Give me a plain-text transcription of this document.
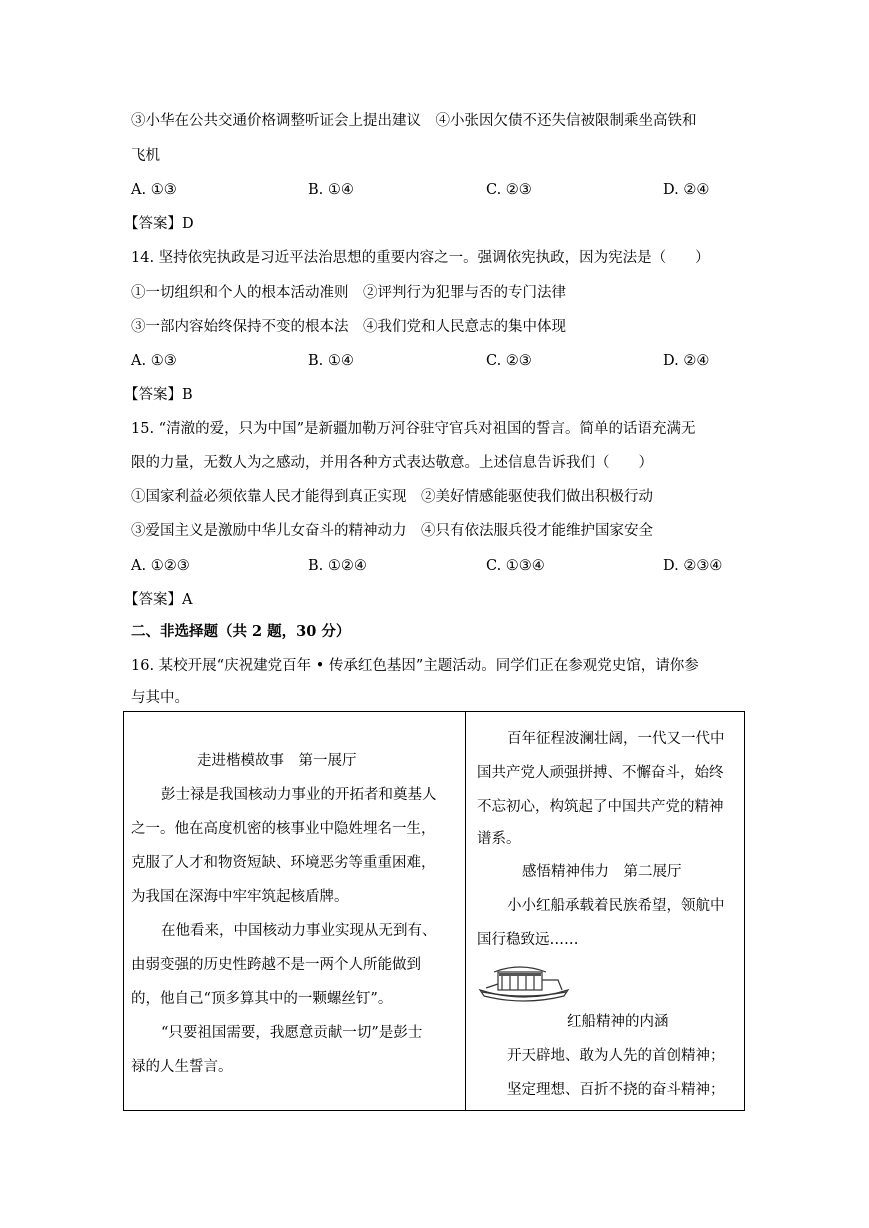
③小华在公共交通价格调整听证会上提出建议　④小张因欠债不还失信被限制乘坐高铁和
飞机
A. ①③	B. ①④	C. ②③	D. ②④
【答案】D
14. 坚持依宪执政是习近平法治思想的重要内容之一。强调依宪执政，因为宪法是（　　）
①一切组织和个人的根本活动准则　②评判行为犯罪与否的专门法律
③一部内容始终保持不变的根本法　④我们党和人民意志的集中体现
A. ①③	B. ①④	C. ②③	D. ②④
【答案】B
15. “清澈的爱，只为中国”是新疆加勒万河谷驻守官兵对祖国的誓言。简单的话语充满无
限的力量，无数人为之感动，并用各种方式表达敬意。上述信息告诉我们（　　）
①国家利益必须依靠人民才能得到真正实现　②美好情感能驱使我们做出积极行动
③爱国主义是激励中华儿女奋斗的精神动力　④只有依法服兵役才能维护国家安全
A. ①②③	B. ①②④	C. ①③④	D. ②③④
【答案】A
二、非选择题（共 2 题，30 分）
16. 某校开展“庆祝建党百年 • 传承红色基因”主题活动。同学们正在参观党史馆，请你参
与其中。
走进楷模故事　第一展厅
彭士禄是我国核动力事业的开拓者和奠基人
之一。他在高度机密的核事业中隐姓埋名一生，
克服了人才和物资短缺、环境恶劣等重重困难，
为我国在深海中牢牢筑起核盾牌。
在他看来，中国核动力事业实现从无到有、
由弱变强的历史性跨越不是一两个人所能做到
的，他自己“顶多算其中的一颗螺丝钉”。
“只要祖国需要，我愿意贡献一切”是彭士
禄的人生誓言。
百年征程波澜壮阔，一代又一代中
国共产党人顽强拼搏、不懈奋斗，始终
不忘初心，构筑起了中国共产党的精神
谱系。
感悟精神伟力　第二展厅
小小红船承载着民族希望，领航中
国行稳致远……
红船精神的内涵
开天辟地、敢为人先的首创精神；
坚定理想、百折不挠的奋斗精神；
